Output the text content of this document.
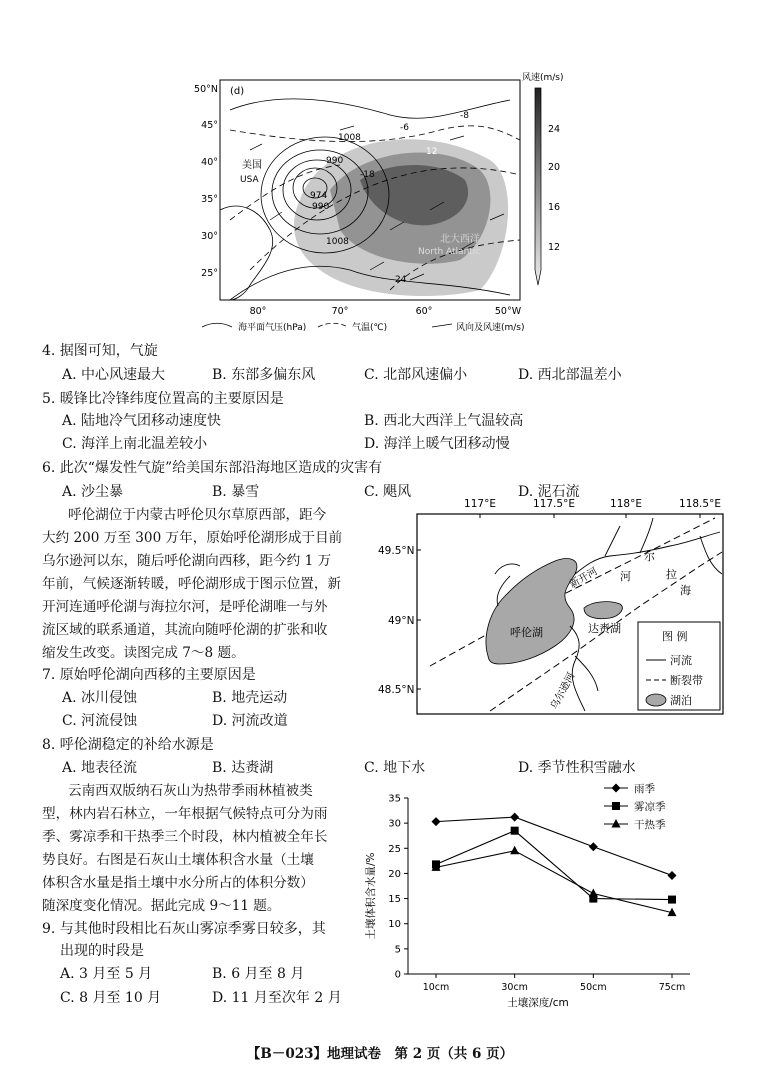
(d)
50°N
45°
40°
35°
30°
25°
80°	70°	60°	50°W
1008
990
990
974
1008
12
-18
-6
-8
24
美国
USA
北大西洋
North Atlantic
风速(m/s)
24
20
16
12
海平面气压(hPa)	气温(℃)	风向及风速(m/s)
4. 据图可知，气旋
A. 中心风速最大	B. 东部多偏东风	C. 北部风速偏小	D. 西北部温差小
5. 暖锋比冷锋纬度位置高的主要原因是
A. 陆地冷气团移动速度快	B. 西北大西洋上气温较高
C. 海洋上南北温差较小	D. 海洋上暖气团移动慢
6. 此次“爆发性气旋”给美国东部沿海地区造成的灾害有
A. 沙尘暴	B. 暴雪	C. 飓风	D. 泥石流
呼伦湖位于内蒙古呼伦贝尔草原西部，距今
大约 200 万至 300 万年，原始呼伦湖形成于目前
乌尔逊河以东，随后呼伦湖向西移，距今约 1 万
年前，气候逐渐转暖，呼伦湖形成于图示位置，新
开河连通呼伦湖与海拉尔河，是呼伦湖唯一与外
流区域的联系通道，其流向随呼伦湖的扩张和收
缩发生改变。读图完成 7～8 题。
117°E	117.5°E	118°E	118.5°E
49.5°N
49°N
48.5°N
呼伦湖	达赉湖
新开河
乌尔逊河
海
拉
尔
河
图 例
河流
断裂带
湖泊
7. 原始呼伦湖向西移的主要原因是
A. 冰川侵蚀	B. 地壳运动
C. 河流侵蚀	D. 河流改道
8. 呼伦湖稳定的补给水源是
A. 地表径流	B. 达赉湖	C. 地下水	D. 季节性积雪融水
云南西双版纳石灰山为热带季雨林植被类
型，林内岩石林立，一年根据气候特点可分为雨
季、雾凉季和干热季三个时段，林内植被全年长
势良好。右图是石灰山土壤体积含水量（土壤
体积含水量是指土壤中水分所占的体积分数）
随深度变化情况。据此完成 9～11 题。
9. 与其他时段相比石灰山雾凉季雾日较多，其
出现的时段是
A. 3 月至 5 月	B. 6 月至 8 月
C. 8 月至 10 月	D. 11 月至次年 2 月
土壤体积含水量/%
土壤深度/cm
0
5
10
15
20
25
30
35
10cm	30cm	50cm	75cm
雨季
雾凉季
干热季
【B－023】地理试卷　第 2 页（共 6 页）
